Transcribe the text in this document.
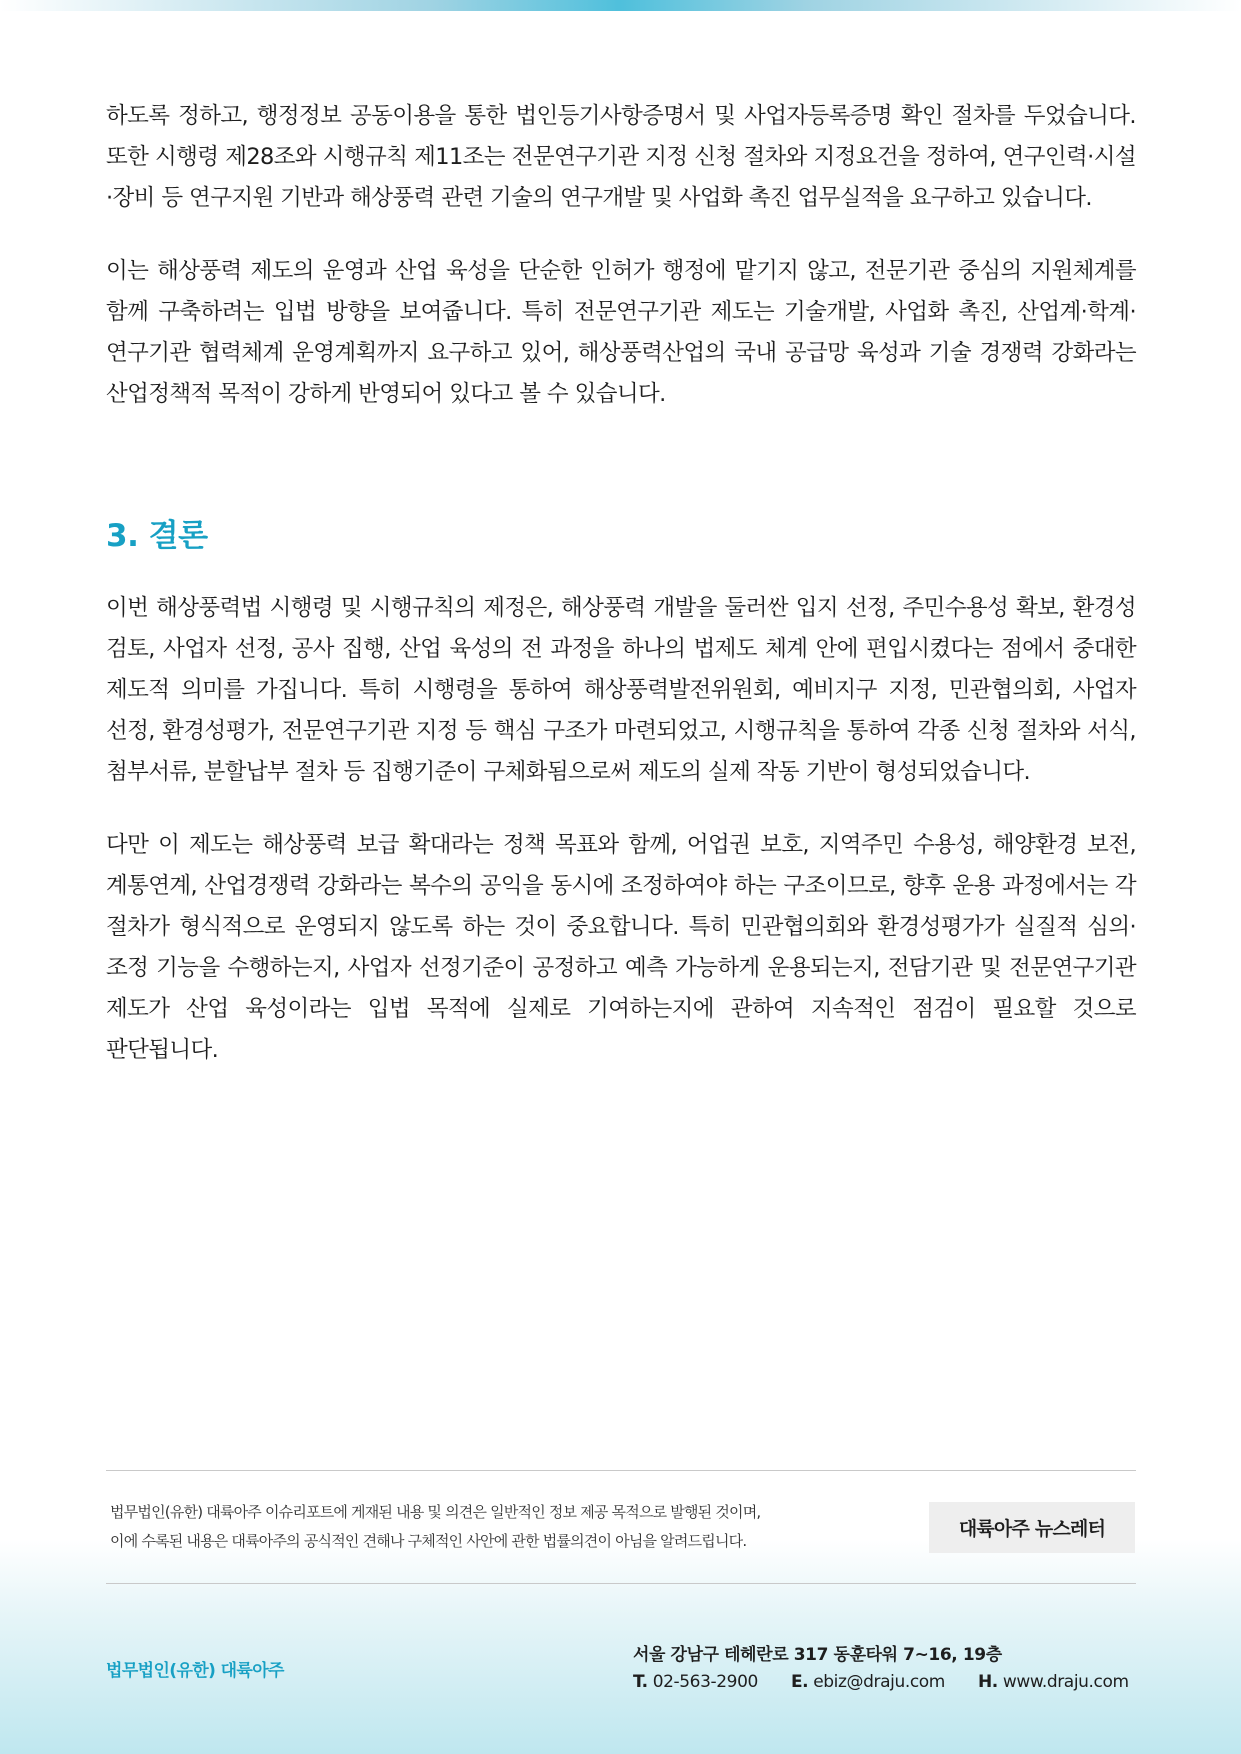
하도록 정하고, 행정정보 공동이용을 통한 법인등기사항증명서 및 사업자등록증명 확인 절차를 두었습니다. 또한 시행령 제28조와 시행규칙 제11조는 전문연구기관 지정 신청 절차와 지정요건을 정하여, 연구인력·시설·장비 등 연구지원 기반과 해상풍력 관련 기술의 연구개발 및 사업화 촉진 업무실적을 요구하고 있습니다.

이는 해상풍력 제도의 운영과 산업 육성을 단순한 인허가 행정에 맡기지 않고, 전문기관 중심의 지원체계를 함께 구축하려는 입법 방향을 보여줍니다. 특히 전문연구기관 제도는 기술개발, 사업화 촉진, 산업계·학계·연구기관 협력체계 운영계획까지 요구하고 있어, 해상풍력산업의 국내 공급망 육성과 기술 경쟁력 강화라는 산업정책적 목적이 강하게 반영되어 있다고 볼 수 있습니다.

3. 결론

이번 해상풍력법 시행령 및 시행규칙의 제정은, 해상풍력 개발을 둘러싼 입지 선정, 주민수용성 확보, 환경성 검토, 사업자 선정, 공사 집행, 산업 육성의 전 과정을 하나의 법제도 체계 안에 편입시켰다는 점에서 중대한 제도적 의미를 가집니다. 특히 시행령을 통하여 해상풍력발전위원회, 예비지구 지정, 민관협의회, 사업자 선정, 환경성평가, 전문연구기관 지정 등 핵심 구조가 마련되었고, 시행규칙을 통하여 각종 신청 절차와 서식, 첨부서류, 분할납부 절차 등 집행기준이 구체화됨으로써 제도의 실제 작동 기반이 형성되었습니다.

다만 이 제도는 해상풍력 보급 확대라는 정책 목표와 함께, 어업권 보호, 지역주민 수용성, 해양환경 보전, 계통연계, 산업경쟁력 강화라는 복수의 공익을 동시에 조정하여야 하는 구조이므로, 향후 운용 과정에서는 각 절차가 형식적으로 운영되지 않도록 하는 것이 중요합니다. 특히 민관협의회와 환경성평가가 실질적 심의·조정 기능을 수행하는지, 사업자 선정기준이 공정하고 예측 가능하게 운용되는지, 전담기관 및 전문연구기관 제도가 산업 육성이라는 입법 목적에 실제로 기여하는지에 관하여 지속적인 점검이 필요할 것으로 판단됩니다.

법무법인(유한) 대륙아주 이슈리포트에 게재된 내용 및 의견은 일반적인 정보 제공 목적으로 발행된 것이며,

이에 수록된 내용은 대륙아주의 공식적인 견해나 구체적인 사안에 관한 법률의견이 아님을 알려드립니다.

대륙아주 뉴스레터
법무법인(유한) 대륙아주
서울 강남구 테헤란로 317 동훈타워 7~16, 19층
T. 02-563-2900 E. ebiz@draju.com H. www.draju.com
